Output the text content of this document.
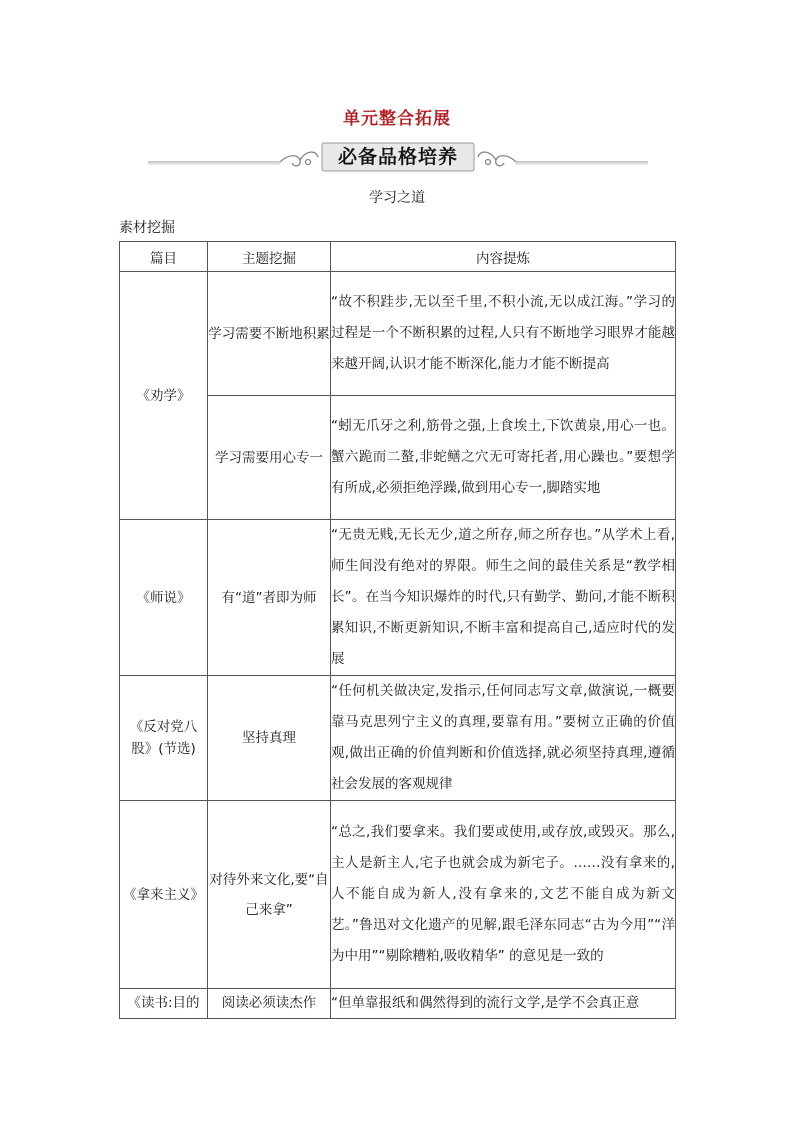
单元整合拓展
必备品格培养
学习之道
素材挖掘
篇目	主题挖掘	内容提炼
《劝学》	学习需要不断地积累	“故不积跬步,无以至千里,不积小流,无以成江海。”学习的过程是一个不断积累的过程,人只有不断地学习眼界才能越来越开阔,认识才能不断深化,能力才能不断提高
	学习需要用心专一	“蚓无爪牙之利,筋骨之强,上食埃土,下饮黄泉,用心一也。蟹六跪而二螯,非蛇鳝之穴无可寄托者,用心躁也。”要想学有所成,必须拒绝浮躁,做到用心专一,脚踏实地
《师说》	有“道”者即为师	“无贵无贱,无长无少,道之所存,师之所存也。”从学术上看,师生间没有绝对的界限。师生之间的最佳关系是“教学相长”。在当今知识爆炸的时代,只有勤学、勤问,才能不断积累知识,不断更新知识,不断丰富和提高自己,适应时代的发展
《反对党八股》(节选)	坚持真理	“任何机关做决定,发指示,任何同志写文章,做演说,一概要靠马克思列宁主义的真理,要靠有用。”要树立正确的价值观,做出正确的价值判断和价值选择,就必须坚持真理,遵循社会发展的客观规律
《拿来主义》	对待外来文化,要“自己来拿”	“总之,我们要拿来。我们要或使用,或存放,或毁灭。那么,主人是新主人,宅子也就会成为新宅子。……没有拿来的,人不能自成为新人,没有拿来的,文艺不能自成为新文艺。”鲁迅对文化遗产的见解,跟毛泽东同志“古为今用”“洋为中用”“剔除糟粕,吸收精华” 的意见是一致的
《读书:目的	阅读必须读杰作	“但单靠报纸和偶然得到的流行文学,是学不会真正意
